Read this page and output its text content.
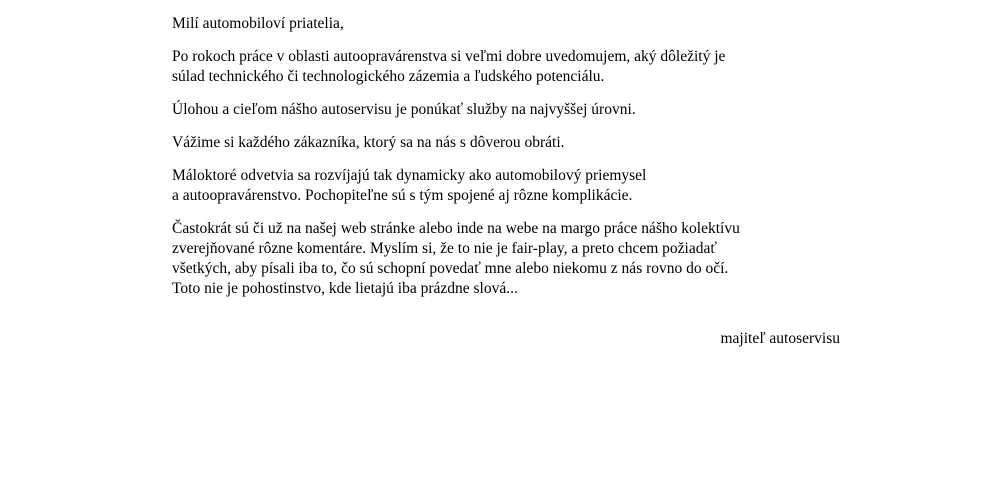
Milí automobiloví priatelia,

Po rokoch práce v oblasti autoopravárenstva si veľmi dobre uvedomujem, aký dôležitý je
súlad technického či technologického zázemia a ľudského potenciálu.

Úlohou a cieľom nášho autoservisu je ponúkať služby na najvyššej úrovni.

Vážime si každého zákazníka, ktorý sa na nás s dôverou obráti.

Máloktoré odvetvia sa rozvíjajú tak dynamicky ako automobilový priemysel
a autoopravárenstvo. Pochopiteľne sú s tým spojené aj rôzne komplikácie.

Častokrát sú či už na našej web stránke alebo inde na webe na margo práce nášho kolektívu
zverejňované rôzne komentáre. Myslím si, že to nie je fair-play, a preto chcem požiadať
všetkých, aby písali iba to, čo sú schopní povedať mne alebo niekomu z nás rovno do očí.
Toto nie je pohostinstvo, kde lietajú iba prázdne slová...

majiteľ autoservisu
